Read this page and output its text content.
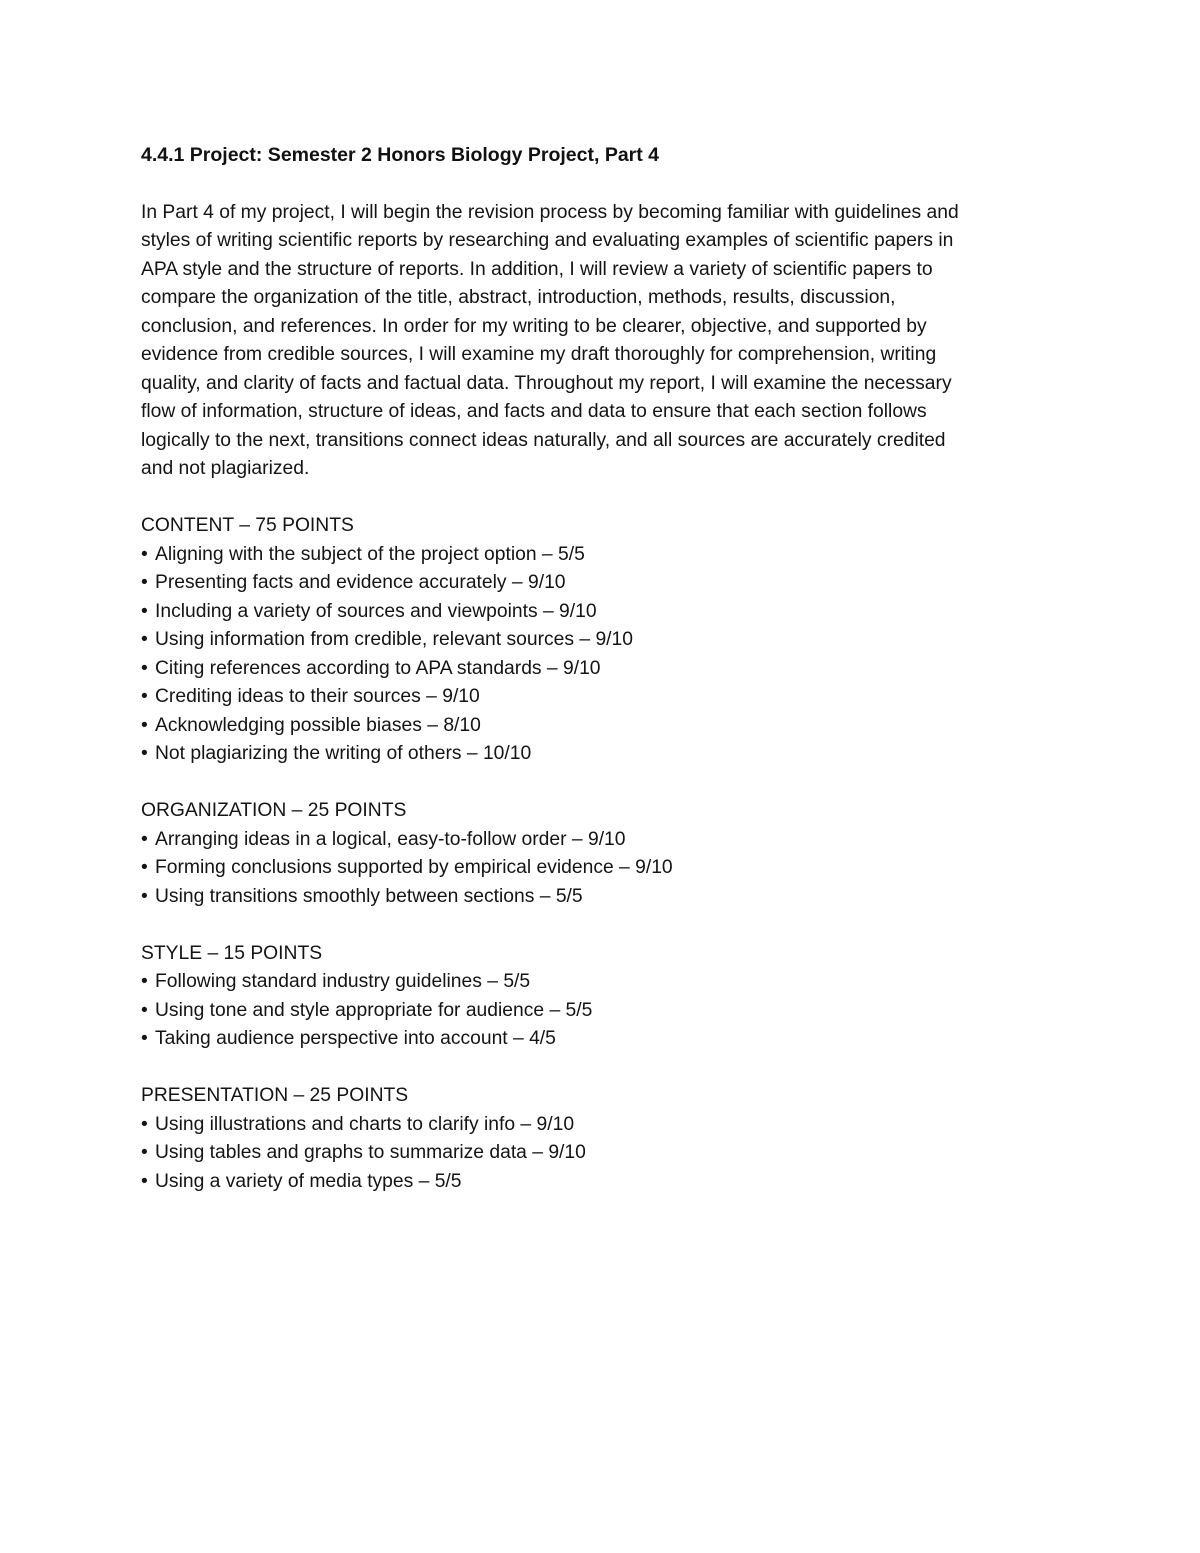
4.4.1 Project: Semester 2 Honors Biology Project, Part 4
In Part 4 of my project, I will begin the revision process by becoming familiar with guidelines and
styles of writing scientific reports by researching and evaluating examples of scientific papers in
APA style and the structure of reports. In addition, I will review a variety of scientific papers to
compare the organization of the title, abstract, introduction, methods, results, discussion,
conclusion, and references. In order for my writing to be clearer, objective, and supported by
evidence from credible sources, I will examine my draft thoroughly for comprehension, writing
quality, and clarity of facts and factual data. Throughout my report, I will examine the necessary
flow of information, structure of ideas, and facts and data to ensure that each section follows
logically to the next, transitions connect ideas naturally, and all sources are accurately credited
and not plagiarized.
CONTENT – 75 POINTS
• Aligning with the subject of the project option – 5/5
• Presenting facts and evidence accurately – 9/10
• Including a variety of sources and viewpoints – 9/10
• Using information from credible, relevant sources – 9/10
• Citing references according to APA standards – 9/10
• Crediting ideas to their sources – 9/10
• Acknowledging possible biases – 8/10
• Not plagiarizing the writing of others – 10/10
ORGANIZATION – 25 POINTS
• Arranging ideas in a logical, easy-to-follow order – 9/10
• Forming conclusions supported by empirical evidence – 9/10
• Using transitions smoothly between sections – 5/5
STYLE – 15 POINTS
• Following standard industry guidelines – 5/5
• Using tone and style appropriate for audience – 5/5
• Taking audience perspective into account – 4/5
PRESENTATION – 25 POINTS
• Using illustrations and charts to clarify info – 9/10
• Using tables and graphs to summarize data – 9/10
• Using a variety of media types – 5/5
